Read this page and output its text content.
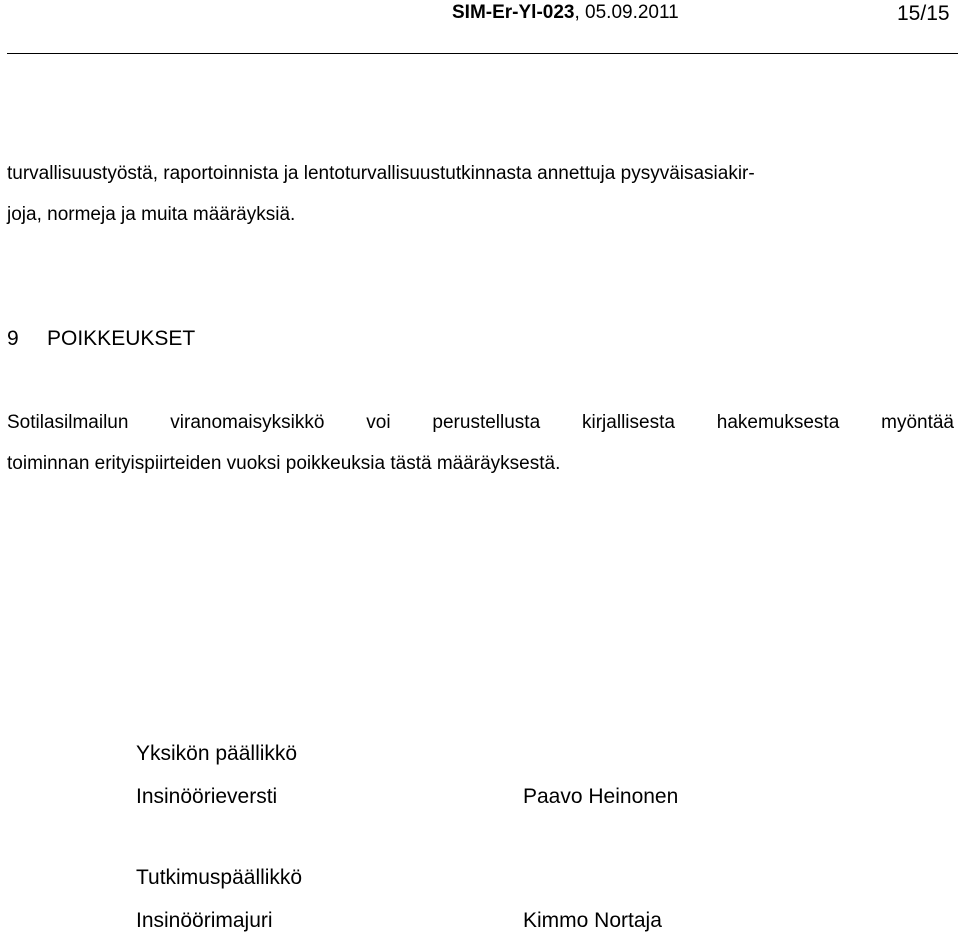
SIM-Er-Yl-023, 05.09.2011	15/15
turvallisuustyöstä, raportoinnista ja lentoturvallisuustutkinnasta annettuja pysyväisasiakir-
joja, normeja ja muita määräyksiä.
9 POIKKEUKSET
Sotilasilmailun viranomaisyksikkö voi perustellusta kirjallisesta hakemuksesta myöntää
toiminnan erityispiirteiden vuoksi poikkeuksia tästä määräyksestä.
Yksikön päällikkö
Insinöörieversti	Paavo Heinonen
Tutkimuspäällikkö
Insinöörimajuri	Kimmo Nortaja
